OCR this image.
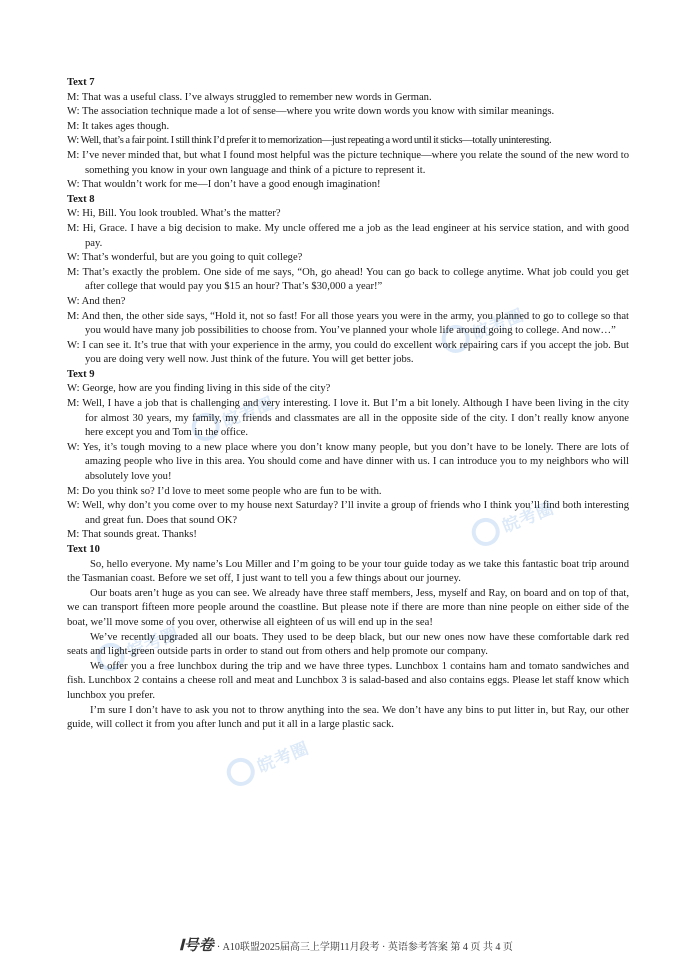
皖考圈
皖考圈
皖考圈
皖考圈
皖考圈

Text 7

M: That was a useful class. I’ve always struggled to remember new words in German.

W: The association technique made a lot of sense—where you write down words you know with similar meanings.

M: It takes ages though.

W: Well, that’s a fair point. I still think I’d prefer it to memorization—just repeating a word until it sticks—totally uninteresting.

M: I’ve never minded that, but what I found most helpful was the picture technique—where you relate the sound of the new word to something you know in your own language and think of a picture to represent it.

W: That wouldn’t work for me—I don’t have a good enough imagination!

Text 8

W: Hi, Bill. You look troubled. What’s the matter?

M: Hi, Grace. I have a big decision to make. My uncle offered me a job as the lead engineer at his service station, and with good pay.

W: That’s wonderful, but are you going to quit college?

M: That’s exactly the problem. One side of me says, “Oh, go ahead! You can go back to college anytime. What job could you get after college that would pay you $15 an hour? That’s $30,000 a year!”

W: And then?

M: And then, the other side says, “Hold it, not so fast! For all those years you were in the army, you planned to go to college so that you would have many job possibilities to choose from. You’ve planned your whole life around going to college. And now…”

W: I can see it. It’s true that with your experience in the army, you could do excellent work repairing cars if you accept the job. But you are doing very well now. Just think of the future. You will get better jobs.

Text 9

W: George, how are you finding living in this side of the city?

M: Well, I have a job that is challenging and very interesting. I love it. But I’m a bit lonely. Although I have been living in the city for almost 30 years, my family, my friends and classmates are all in the opposite side of the city. I don’t really know anyone here except you and Tom in the office.

W: Yes, it’s tough moving to a new place where you don’t know many people, but you don’t have to be lonely. There are lots of amazing people who live in this area. You should come and have dinner with us. I can introduce you to my neighbors who will absolutely love you!

M: Do you think so? I’d love to meet some people who are fun to be with.

W: Well, why don’t you come over to my house next Saturday? I’ll invite a group of friends who I think you’ll find both interesting and great fun. Does that sound OK?

M: That sounds great. Thanks!

Text 10

So, hello everyone. My name’s Lou Miller and I’m going to be your tour guide today as we take this fantastic boat trip around the Tasmanian coast. Before we set off, I just want to tell you a few things about our journey.

Our boats aren’t huge as you can see. We already have three staff members, Jess, myself and Ray, on board and on top of that, we can transport fifteen more people around the coastline. But please note if there are more than nine people on either side of the boat, we’ll move some of you over, otherwise all eighteen of us will end up in the sea!

We’ve recently upgraded all our boats. They used to be deep black, but our new ones now have these comfortable dark red seats and light-green outside parts in order to stand out from others and help promote our company.

We offer you a free lunchbox during the trip and we have three types. Lunchbox 1 contains ham and tomato sandwiches and fish. Lunchbox 2 contains a cheese roll and meat and Lunchbox 3 is salad-based and also contains eggs. Please let staff know which lunchbox you prefer.

I’m sure I don’t have to ask you not to throw anything into the sea. We don’t have any bins to put litter in, but Ray, our other guide, will collect it from you after lunch and put it all in a large plastic sack.

𝐈号卷 · A10联盟2025届高三上学期11月段考 · 英语参考答案 第 4 页 共 4 页
